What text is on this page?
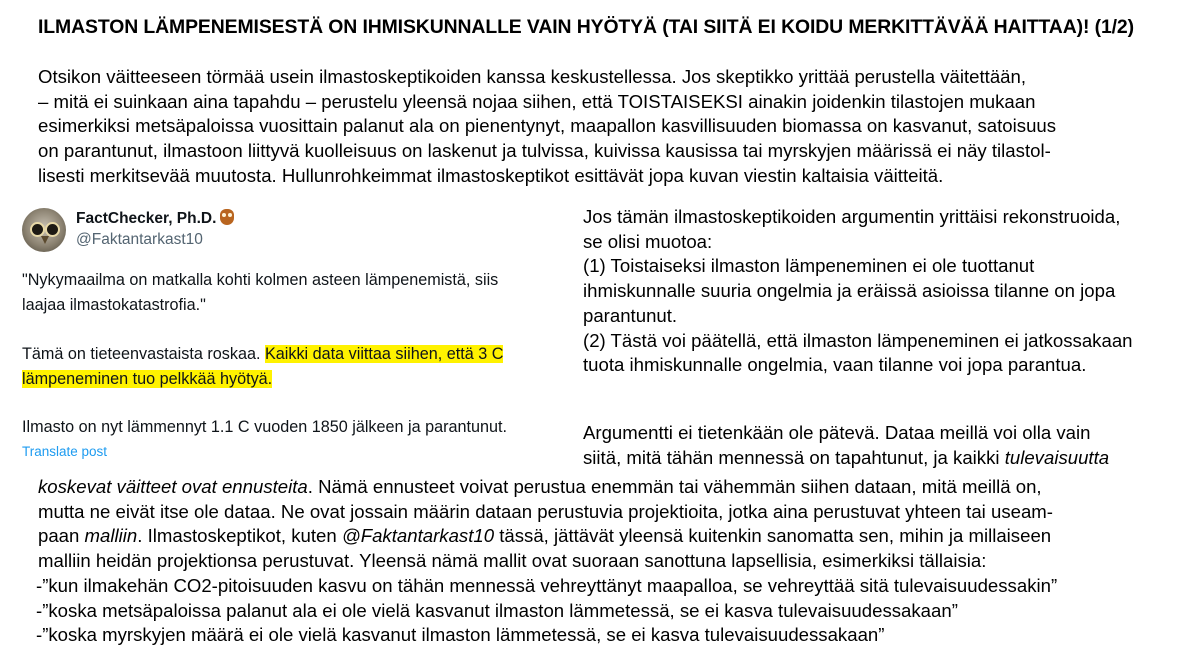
ILMASTON LÄMPENEMISESTÄ ON IHMISKUNNALLE VAIN HYÖTYÄ (TAI SIITÄ EI KOIDU MERKITTÄVÄÄ HAITTAA)! (1/2)
Otsikon väitteeseen törmää usein ilmastoskeptikoiden kanssa keskustellessa. Jos skeptikko yrittää perustella väitettään,
– mitä ei suinkaan aina tapahdu – perustelu yleensä nojaa siihen, että TOISTAISEKSI ainakin joidenkin tilastojen mukaan
esimerkiksi metsäpaloissa vuosittain palanut ala on pienentynyt, maapallon kasvillisuuden biomassa on kasvanut, satoisuus
on parantunut, ilmastoon liittyvä kuolleisuus on laskenut ja tulvissa, kuivissa kausissa tai myrskyjen määrissä ei näy tilastol-
lisesti merkitsevää muutosta. Hullunrohkeimmat ilmastoskeptikot esittävät jopa kuvan viestin kaltaisia väitteitä.
FactChecker, Ph.D.
@Faktantarkast10
"Nykymaailma on matkalla kohti kolmen asteen lämpenemistä, siis
laajaa ilmastokatastrofia."
Tämä on tieteenvastaista roskaa. Kaikki data viittaa siihen, että 3 C
lämpeneminen tuo pelkkää hyötyä.
Ilmasto on nyt lämmennyt 1.1 C vuoden 1850 jälkeen ja parantunut.
Translate post
Jos tämän ilmastoskeptikoiden argumentin yrittäisi rekonstruoida,
se olisi muotoa:
(1) Toistaiseksi ilmaston lämpeneminen ei ole tuottanut
ihmiskunnalle suuria ongelmia ja eräissä asioissa tilanne on jopa
parantunut.
(2) Tästä voi päätellä, että ilmaston lämpeneminen ei jatkossakaan
tuota ihmiskunnalle ongelmia, vaan tilanne voi jopa parantua.
Argumentti ei tietenkään ole pätevä. Dataa meillä voi olla vain
siitä, mitä tähän mennessä on tapahtunut, ja kaikki tulevaisuutta
koskevat väitteet ovat ennusteita. Nämä ennusteet voivat perustua enemmän tai vähemmän siihen dataan, mitä meillä on,
mutta ne eivät itse ole dataa. Ne ovat jossain määrin dataan perustuvia projektioita, jotka aina perustuvat yhteen tai useam-
paan malliin. Ilmastoskeptikot, kuten @Faktantarkast10 tässä, jättävät yleensä kuitenkin sanomatta sen, mihin ja millaiseen
malliin heidän projektionsa perustuvat. Yleensä nämä mallit ovat suoraan sanottuna lapsellisia, esimerkiksi tällaisia:
-”kun ilmakehän CO2-pitoisuuden kasvu on tähän mennessä vehreyttänyt maapalloa, se vehreyttää sitä tulevaisuudessakin”
-”koska metsäpaloissa palanut ala ei ole vielä kasvanut ilmaston lämmetessä, se ei kasva tulevaisuudessakaan”
-”koska myrskyjen määrä ei ole vielä kasvanut ilmaston lämmetessä, se ei kasva tulevaisuudessakaan”
